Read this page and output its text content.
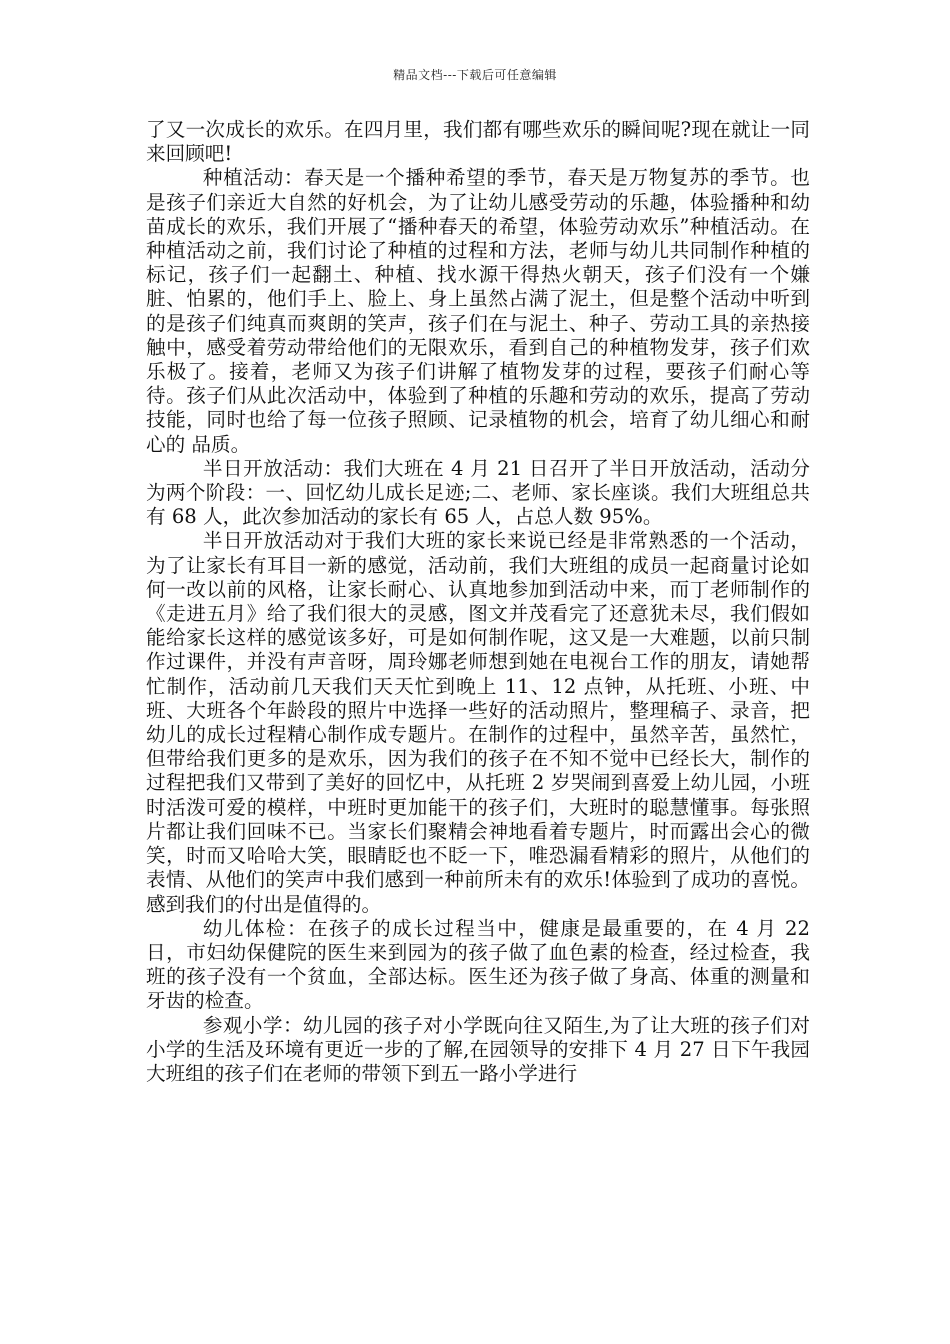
精品文档---下载后可任意编辑

了又一次成长的欢乐。在四月里，我们都有哪些欢乐的瞬间呢?现在就让一同来回顾吧!

种植活动：春天是一个播种希望的季节，春天是万物复苏的季节。也是孩子们亲近大自然的好机会，为了让幼儿感受劳动的乐趣，体验播种和幼苗成长的欢乐，我们开展了“播种春天的希望，体验劳动欢乐”种植活动。在种植活动之前，我们讨论了种植的过程和方法，老师与幼儿共同制作种植的标记，孩子们一起翻土、种植、找水源干得热火朝天，孩子们没有一个嫌脏、怕累的，他们手上、脸上、身上虽然占满了泥土，但是整个活动中听到的是孩子们纯真而爽朗的笑声，孩子们在与泥土、种子、劳动工具的亲热接触中，感受着劳动带给他们的无限欢乐，看到自己的种植物发芽，孩子们欢乐极了。接着，老师又为孩子们讲解了植物发芽的过程，要孩子们耐心等待。孩子们从此次活动中，体验到了种植的乐趣和劳动的欢乐，提高了劳动技能，同时也给了每一位孩子照顾、记录植物的机会，培育了幼儿细心和耐心的 品质。

半日开放活动：我们大班在 4 月 21 日召开了半日开放活动，活动分为两个阶段：一、回忆幼儿成长足迹;二、老师、家长座谈。我们大班组总共有 68 人，此次参加活动的家长有 65 人，占总人数 95%。

半日开放活动对于我们大班的家长来说已经是非常熟悉的一个活动，为了让家长有耳目一新的感觉，活动前，我们大班组的成员一起商量讨论如何一改以前的风格，让家长耐心、认真地参加到活动中来，而丁老师制作的《走进五月》给了我们很大的灵感，图文并茂看完了还意犹未尽，我们假如能给家长这样的感觉该多好，可是如何制作呢，这又是一大难题，以前只制作过课件，并没有声音呀，周玲娜老师想到她在电视台工作的朋友，请她帮忙制作，活动前几天我们天天忙到晚上 11、12 点钟，从托班、小班、中班、大班各个年龄段的照片中选择一些好的活动照片，整理稿子、录音，把幼儿的成长过程精心制作成专题片。在制作的过程中，虽然辛苦，虽然忙，但带给我们更多的是欢乐，因为我们的孩子在不知不觉中已经长大，制作的过程把我们又带到了美好的回忆中，从托班 2 岁哭闹到喜爱上幼儿园，小班时活泼可爱的模样，中班时更加能干的孩子们，大班时的聪慧懂事。每张照片都让我们回味不已。当家长们聚精会神地看着专题片，时而露出会心的微笑，时而又哈哈大笑，眼睛眨也不眨一下，唯恐漏看精彩的照片，从他们的表情、从他们的笑声中我们感到一种前所未有的欢乐!体验到了成功的喜悦。感到我们的付出是值得的。

幼儿体检：在孩子的成长过程当中，健康是最重要的，在 4 月 22 日，市妇幼保健院的医生来到园为的孩子做了血色素的检查，经过检查，我班的孩子没有一个贫血，全部达标。医生还为孩子做了身高、体重的测量和牙齿的检查。

参观小学：幼儿园的孩子对小学既向往又陌生,为了让大班的孩子们对小学的生活及环境有更近一步的了解,在园领导的安排下 4 月 27 日下午我园大班组的孩子们在老师的带领下到五一路小学进行
